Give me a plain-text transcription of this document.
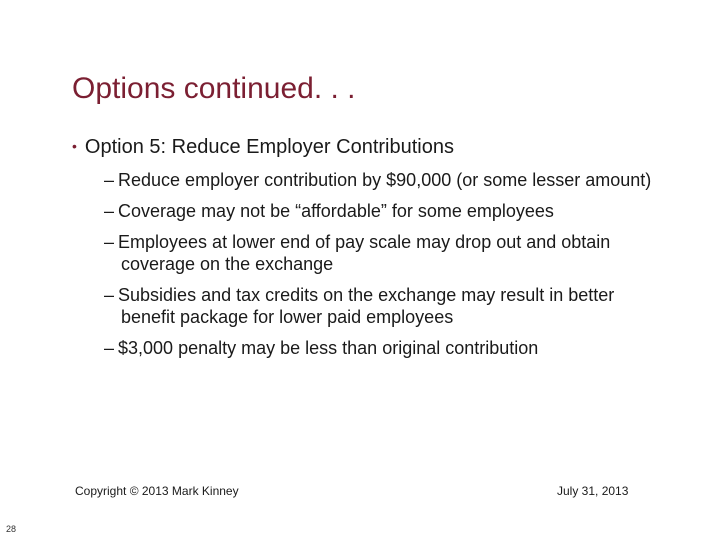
Options continued. . .
• Option 5: Reduce Employer Contributions
– Reduce employer contribution by $90,000 (or some lesser amount)
– Coverage may not be “affordable” for some employees
– Employees at lower end of pay scale may drop out and obtain coverage on the exchange
– Subsidies and tax credits on the exchange may result in better benefit package for lower paid employees
– $3,000 penalty may be less than original contribution
Copyright © 2013 Mark Kinney	July 31, 2013
28
